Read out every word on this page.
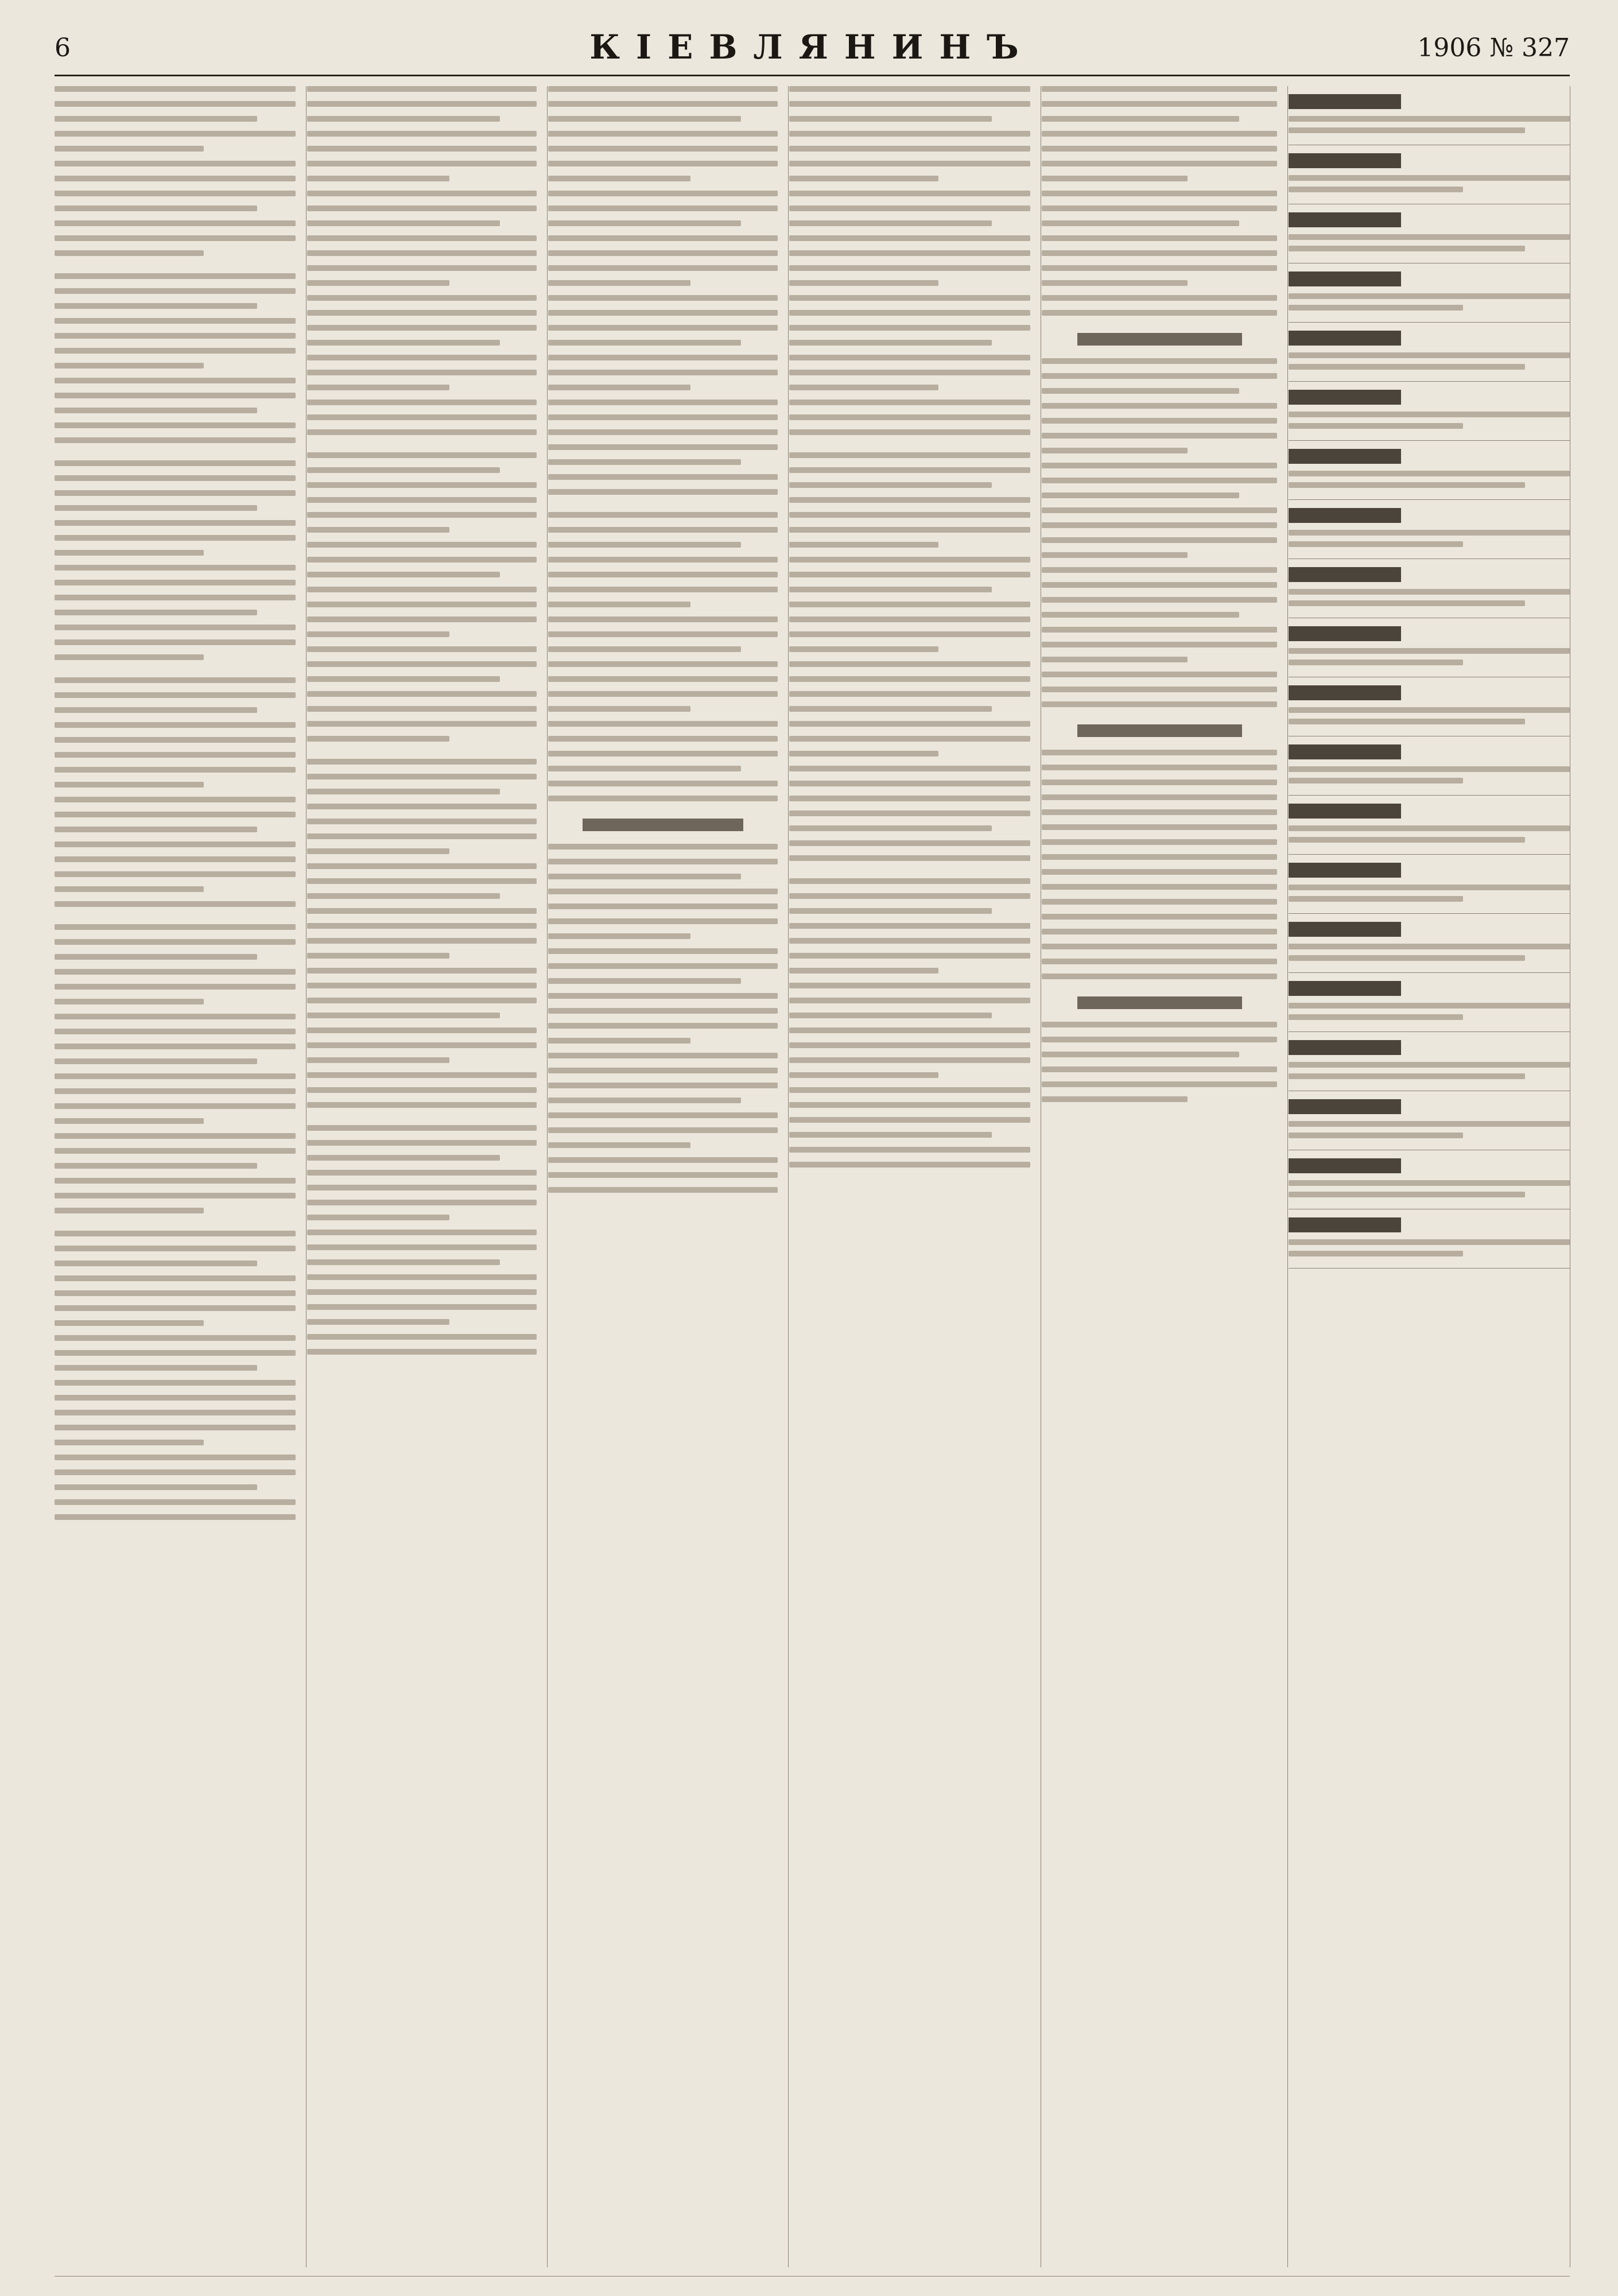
6	КІЕВЛЯНИНЪ	1906 № 327
